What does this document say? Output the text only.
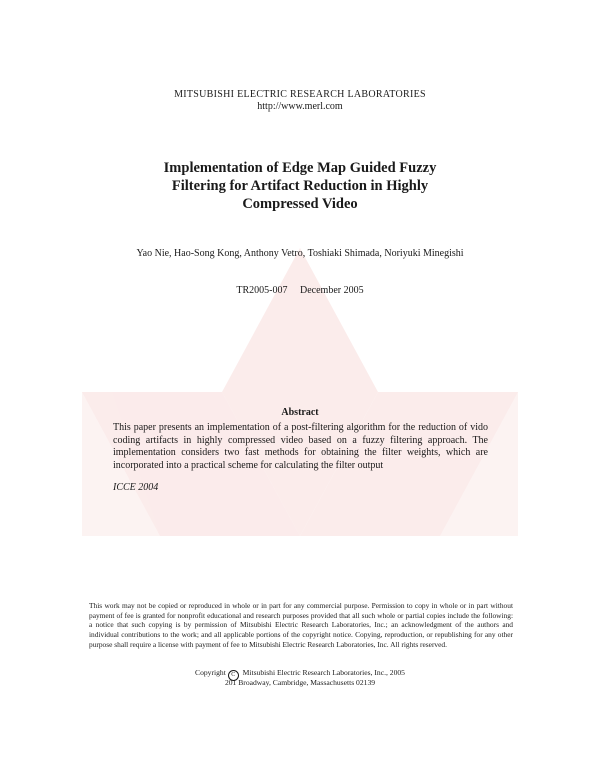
MITSUBISHI ELECTRIC RESEARCH LABORATORIES
http://www.merl.com
Implementation of Edge Map Guided Fuzzy
Filtering for Artifact Reduction in Highly
Compressed Video
Yao Nie, Hao-Song Kong, Anthony Vetro, Toshiaki Shimada, Noriyuki Minegishi
TR2005-007 December 2005
Abstract
This paper presents an implementation of a post-filtering algorithm for the reduction of vido coding artifacts in highly compressed video based on a fuzzy filtering approach. The implementation considers two fast methods for obtaining the filter weights, which are incorporated into a practical scheme for calculating the filter output
ICCE 2004
This work may not be copied or reproduced in whole or in part for any commercial purpose. Permission to copy in whole or in part without payment of fee is granted for nonprofit educational and research purposes provided that all such whole or partial copies include the following: a notice that such copying is by permission of Mitsubishi Electric Research Laboratories, Inc.; an acknowledgment of the authors and individual contributions to the work; and all applicable portions of the copyright notice. Copying, reproduction, or republishing for any other purpose shall require a license with payment of fee to Mitsubishi Electric Research Laboratories, Inc. All rights reserved.
Copyright C Mitsubishi Electric Research Laboratories, Inc., 2005
201 Broadway, Cambridge, Massachusetts 02139
